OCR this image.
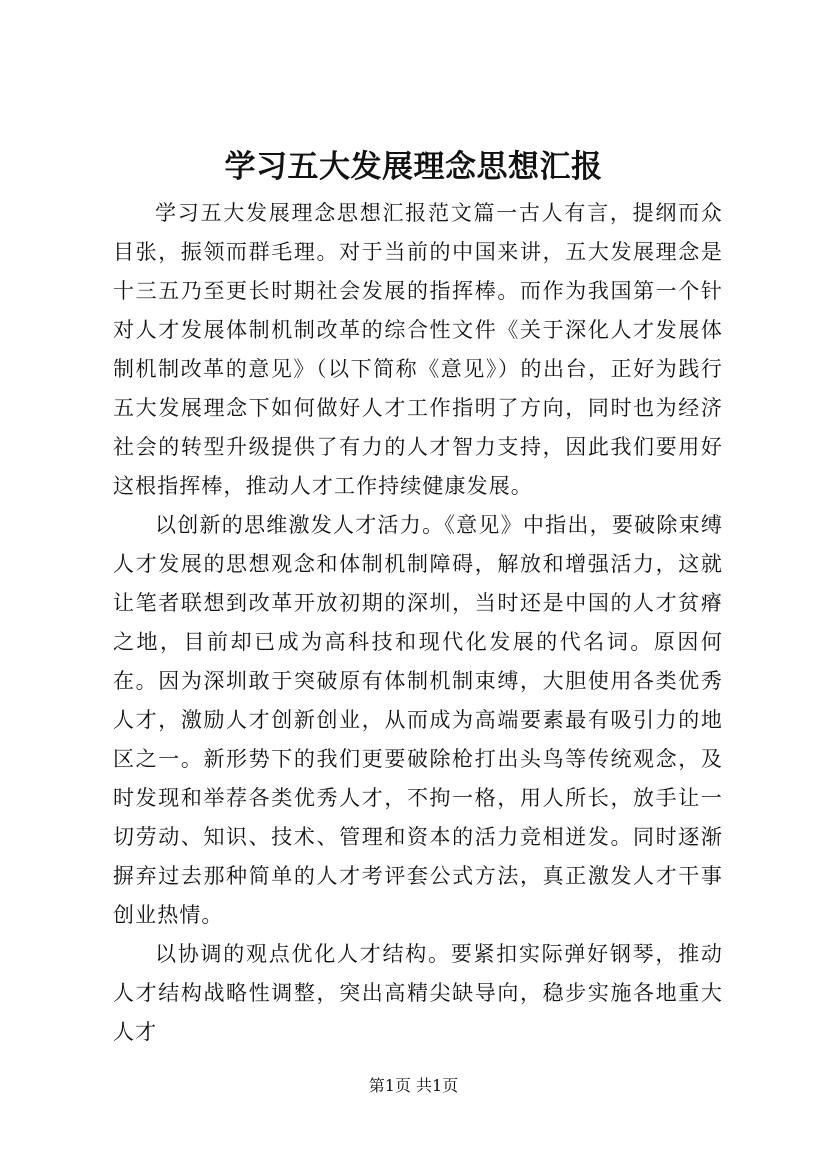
学习五大发展理念思想汇报

学习五大发展理念思想汇报范文篇一古人有言，提纲而众目张，振领而群毛理。对于当前的中国来讲，五大发展理念是十三五乃至更长时期社会发展的指挥棒。而作为我国第一个针对人才发展体制机制改革的综合性文件《关于深化人才发展体制机制改革的意见》（以下简称《意见》）的出台，正好为践行五大发展理念下如何做好人才工作指明了方向，同时也为经济社会的转型升级提供了有力的人才智力支持，因此我们要用好这根指挥棒，推动人才工作持续健康发展。

以创新的思维激发人才活力。《意见》中指出，要破除束缚人才发展的思想观念和体制机制障碍，解放和增强活力，这就让笔者联想到改革开放初期的深圳，当时还是中国的人才贫瘠之地，目前却已成为高科技和现代化发展的代名词。原因何在。因为深圳敢于突破原有体制机制束缚，大胆使用各类优秀人才，激励人才创新创业，从而成为高端要素最有吸引力的地区之一。新形势下的我们更要破除枪打出头鸟等传统观念，及时发现和举荐各类优秀人才，不拘一格，用人所长，放手让一切劳动、知识、技术、管理和资本的活力竞相迸发。同时逐渐摒弃过去那种简单的人才考评套公式方法，真正激发人才干事创业热情。

以协调的观点优化人才结构。要紧扣实际弹好钢琴，推动人才结构战略性调整，突出高精尖缺导向，稳步实施各地重大人才

第1页 共1页
